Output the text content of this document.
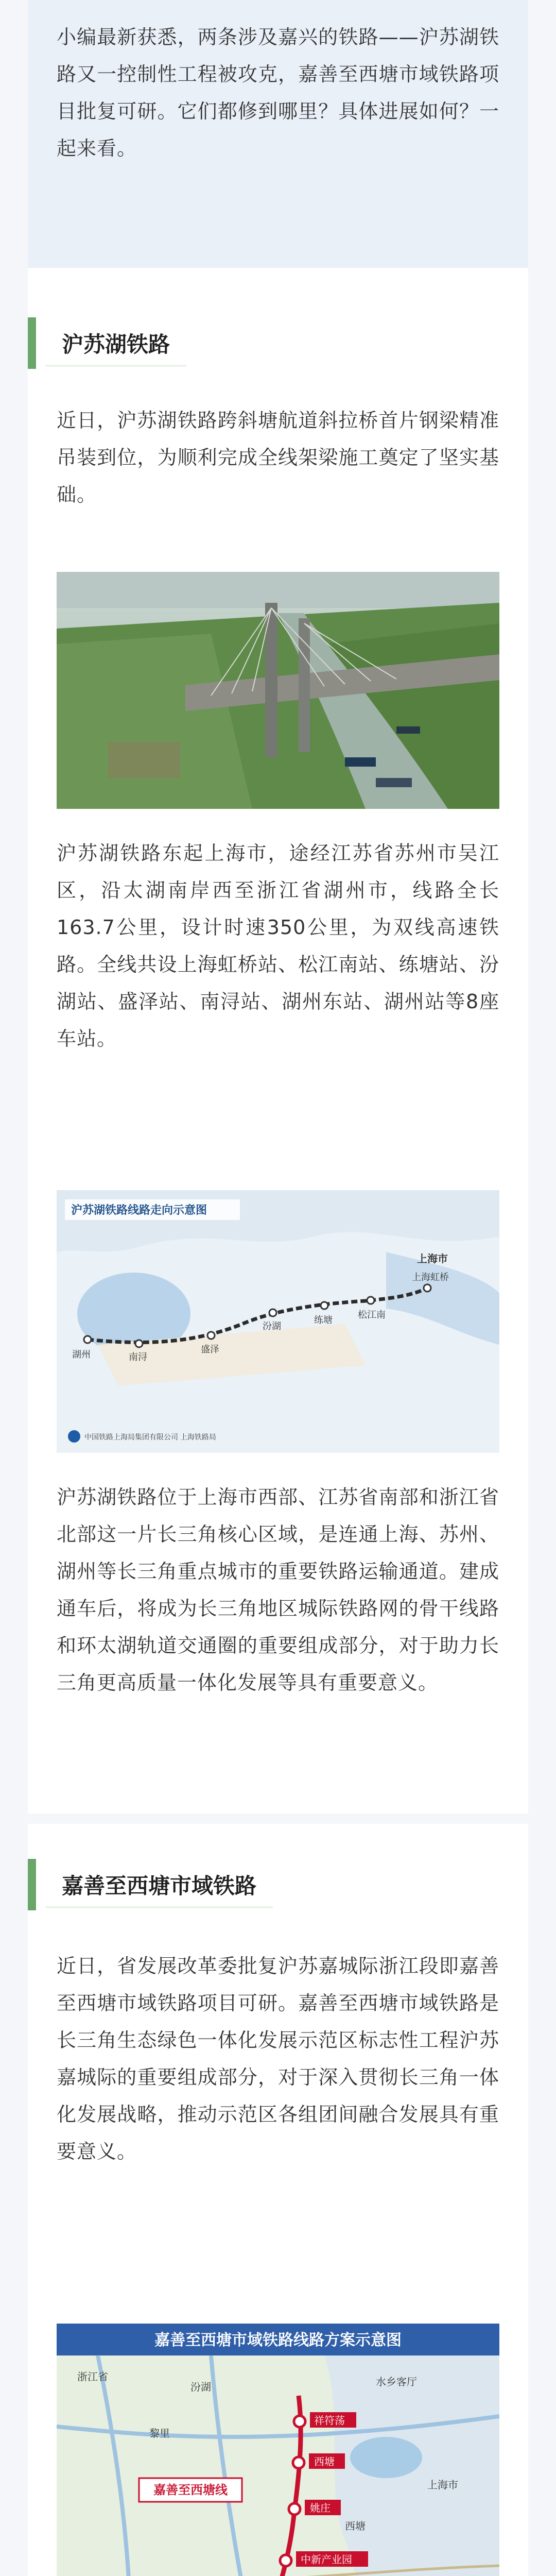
小编最新获悉，两条涉及嘉兴的铁路——沪苏湖铁路又一控制性工程被攻克，嘉善至西塘市域铁路项目批复可研。它们都修到哪里？具体进展如何？一起来看。
沪苏湖铁路
近日，沪苏湖铁路跨斜塘航道斜拉桥首片钢梁精准吊装到位，为顺利完成全线架梁施工奠定了坚实基础。
沪苏湖铁路东起上海市，途经江苏省苏州市吴江区，沿太湖南岸西至浙江省湖州市，线路全长163.7公里，设计时速350公里，为双线高速铁路。全线共设上海虹桥站、松江南站、练塘站、汾湖站、盛泽站、南浔站、湖州东站、湖州站等8座车站。
湖州	南浔
盛泽
汾湖
练塘	松江南
上海虹桥
上海市
沪苏湖铁路线路走向示意图
中国铁路上海局集团有限公司 上海铁路局
沪苏湖铁路位于上海市西部、江苏省南部和浙江省北部这一片长三角核心区域，是连通上海、苏州、湖州等长三角重点城市的重要铁路运输通道。建成通车后，将成为长三角地区城际铁路网的骨干线路和环太湖轨道交通圈的重要组成部分，对于助力长三角更高质量一体化发展等具有重要意义。
嘉善至西塘市域铁路
近日，省发展改革委批复沪苏嘉城际浙江段即嘉善至西塘市域铁路项目可研。嘉善至西塘市域铁路是长三角生态绿色一体化发展示范区标志性工程沪苏嘉城际的重要组成部分，对于深入贯彻长三角一体化发展战略，推动示范区各组团间融合发展具有重要意义。
嘉善至西塘市域铁路线路方案示意图
祥符荡
西塘
姚庄
中新产业园
嘉善至西塘线
汾湖
黎里
西塘
水乡客厅
浙江省
上海市
